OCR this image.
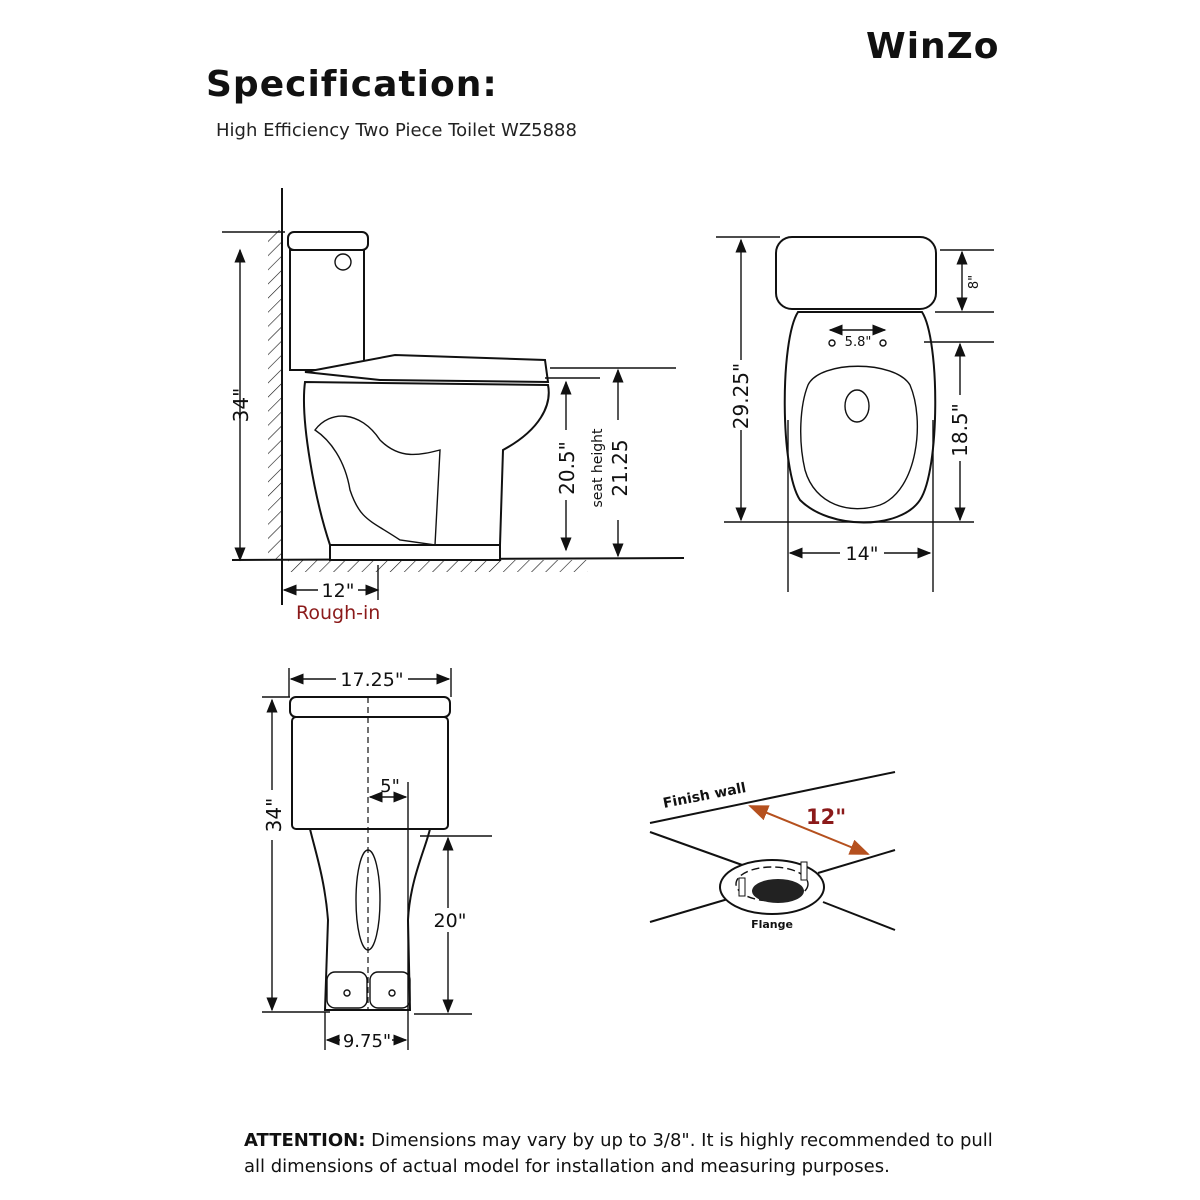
WinZo
Specification:
High Efficiency Two Piece Toilet WZ5888
34"
20.5" seat height 21.25
12"
Rough-in
5.8"
29.25"
8"
18.5"
14"
17.25"
5"
34"
20"
9.75"
Finish wall
12"
Flange
ATTENTION: Dimensions may vary by up to 3/8". It is highly recommended to pull all dimensions of actual model for installation and measuring purposes.
